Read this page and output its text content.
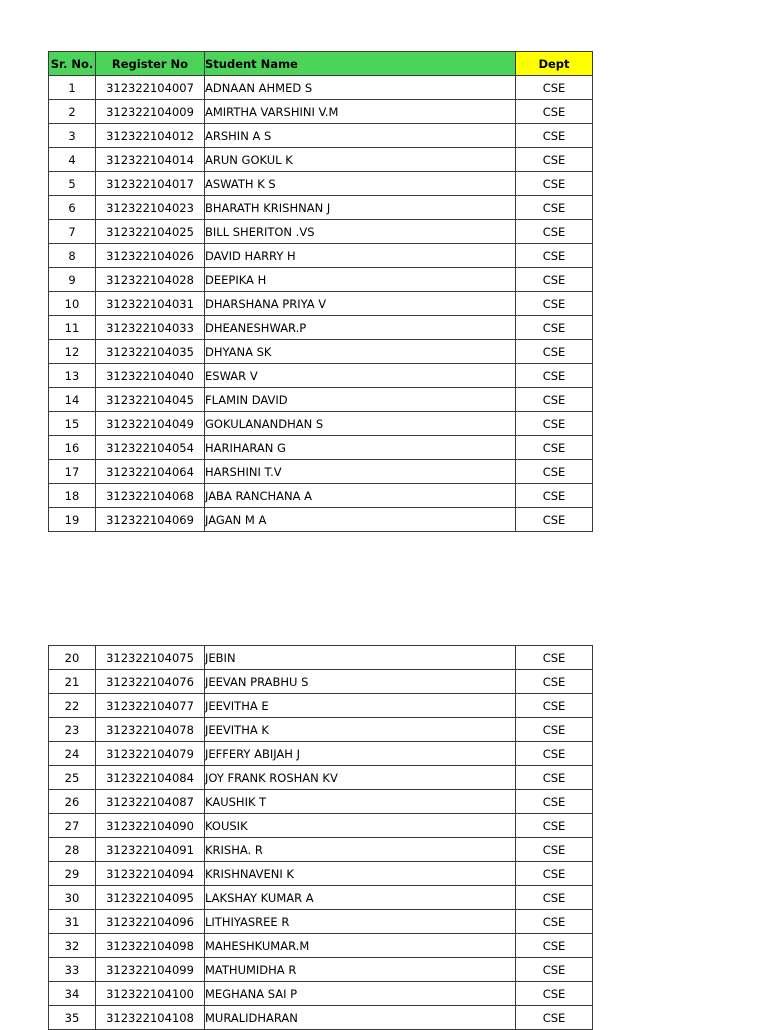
Sr. No.	Register No	Student Name	Dept
1	312322104007	ADNAAN AHMED S	CSE
2	312322104009	AMIRTHA VARSHINI V.M	CSE
3	312322104012	ARSHIN A S	CSE
4	312322104014	ARUN GOKUL K	CSE
5	312322104017	ASWATH K S	CSE
6	312322104023	BHARATH KRISHNAN J	CSE
7	312322104025	BILL SHERITON .VS	CSE
8	312322104026	DAVID HARRY H	CSE
9	312322104028	DEEPIKA H	CSE
10	312322104031	DHARSHANA PRIYA V	CSE
11	312322104033	DHEANESHWAR.P	CSE
12	312322104035	DHYANA SK	CSE
13	312322104040	ESWAR V	CSE
14	312322104045	FLAMIN DAVID	CSE
15	312322104049	GOKULANANDHAN S	CSE
16	312322104054	HARIHARAN G	CSE
17	312322104064	HARSHINI T.V	CSE
18	312322104068	JABA RANCHANA A	CSE
19	312322104069	JAGAN M A	CSE
20	312322104075	JEBIN	CSE
21	312322104076	JEEVAN PRABHU S	CSE
22	312322104077	JEEVITHA E	CSE
23	312322104078	JEEVITHA K	CSE
24	312322104079	JEFFERY ABIJAH J	CSE
25	312322104084	JOY FRANK ROSHAN KV	CSE
26	312322104087	KAUSHIK T	CSE
27	312322104090	KOUSIK	CSE
28	312322104091	KRISHA. R	CSE
29	312322104094	KRISHNAVENI K	CSE
30	312322104095	LAKSHAY KUMAR A	CSE
31	312322104096	LITHIYASREE R	CSE
32	312322104098	MAHESHKUMAR.M	CSE
33	312322104099	MATHUMIDHA R	CSE
34	312322104100	MEGHANA SAI P	CSE
35	312322104108	MURALIDHARAN	CSE
